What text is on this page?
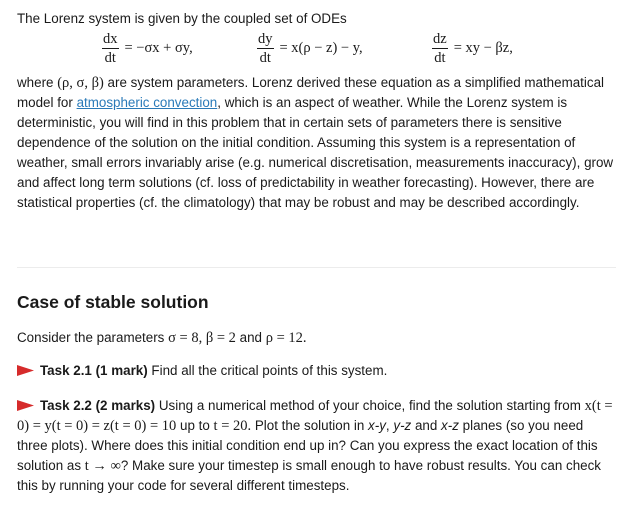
The Lorenz system is given by the coupled set of ODEs

$\frac{dx}{dt} = -\sigma x + \sigma y$,	$\frac{dy}{dt} = x(\rho - z) - y$,	$\frac{dz}{dt}$ = xy − βz,

where (ρ, σ, β) are system parameters. Lorenz derived these equation as a simplified mathematical model for atmospheric convection, which is an aspect of weather. While the Lorenz system is deterministic, you will find in this problem that in certain sets of parameters there is sensitive dependence of the solution on the initial condition. Assuming this system is a representation of weather, small errors invariably arise (e.g. numerical discretisation, measurements inaccuracy), grow and affect long term solutions (cf. loss of predictability in weather forecasting). However, there are statistical properties (cf. the climatology) that may be robust and may be described accordingly.

Case of stable solution
Consider the parameters σ = 8, β = 2 and ρ = 12.
Task 2.1 (1 mark) Find all the critical points of this system.
Task 2.2 (2 marks) Using a numerical method of your choice, find the solution starting from x(t = 0) = y(t = 0) = z(t = 0) = 10 up to t = 20. Plot the solution in x-y, y-z and x-z planes (so you need three plots). Where does this initial condition end up in? Can you express the exact location of this solution as t → ∞? Make sure your timestep is small enough to have robust results. You can check this by running your code for several different timesteps.
